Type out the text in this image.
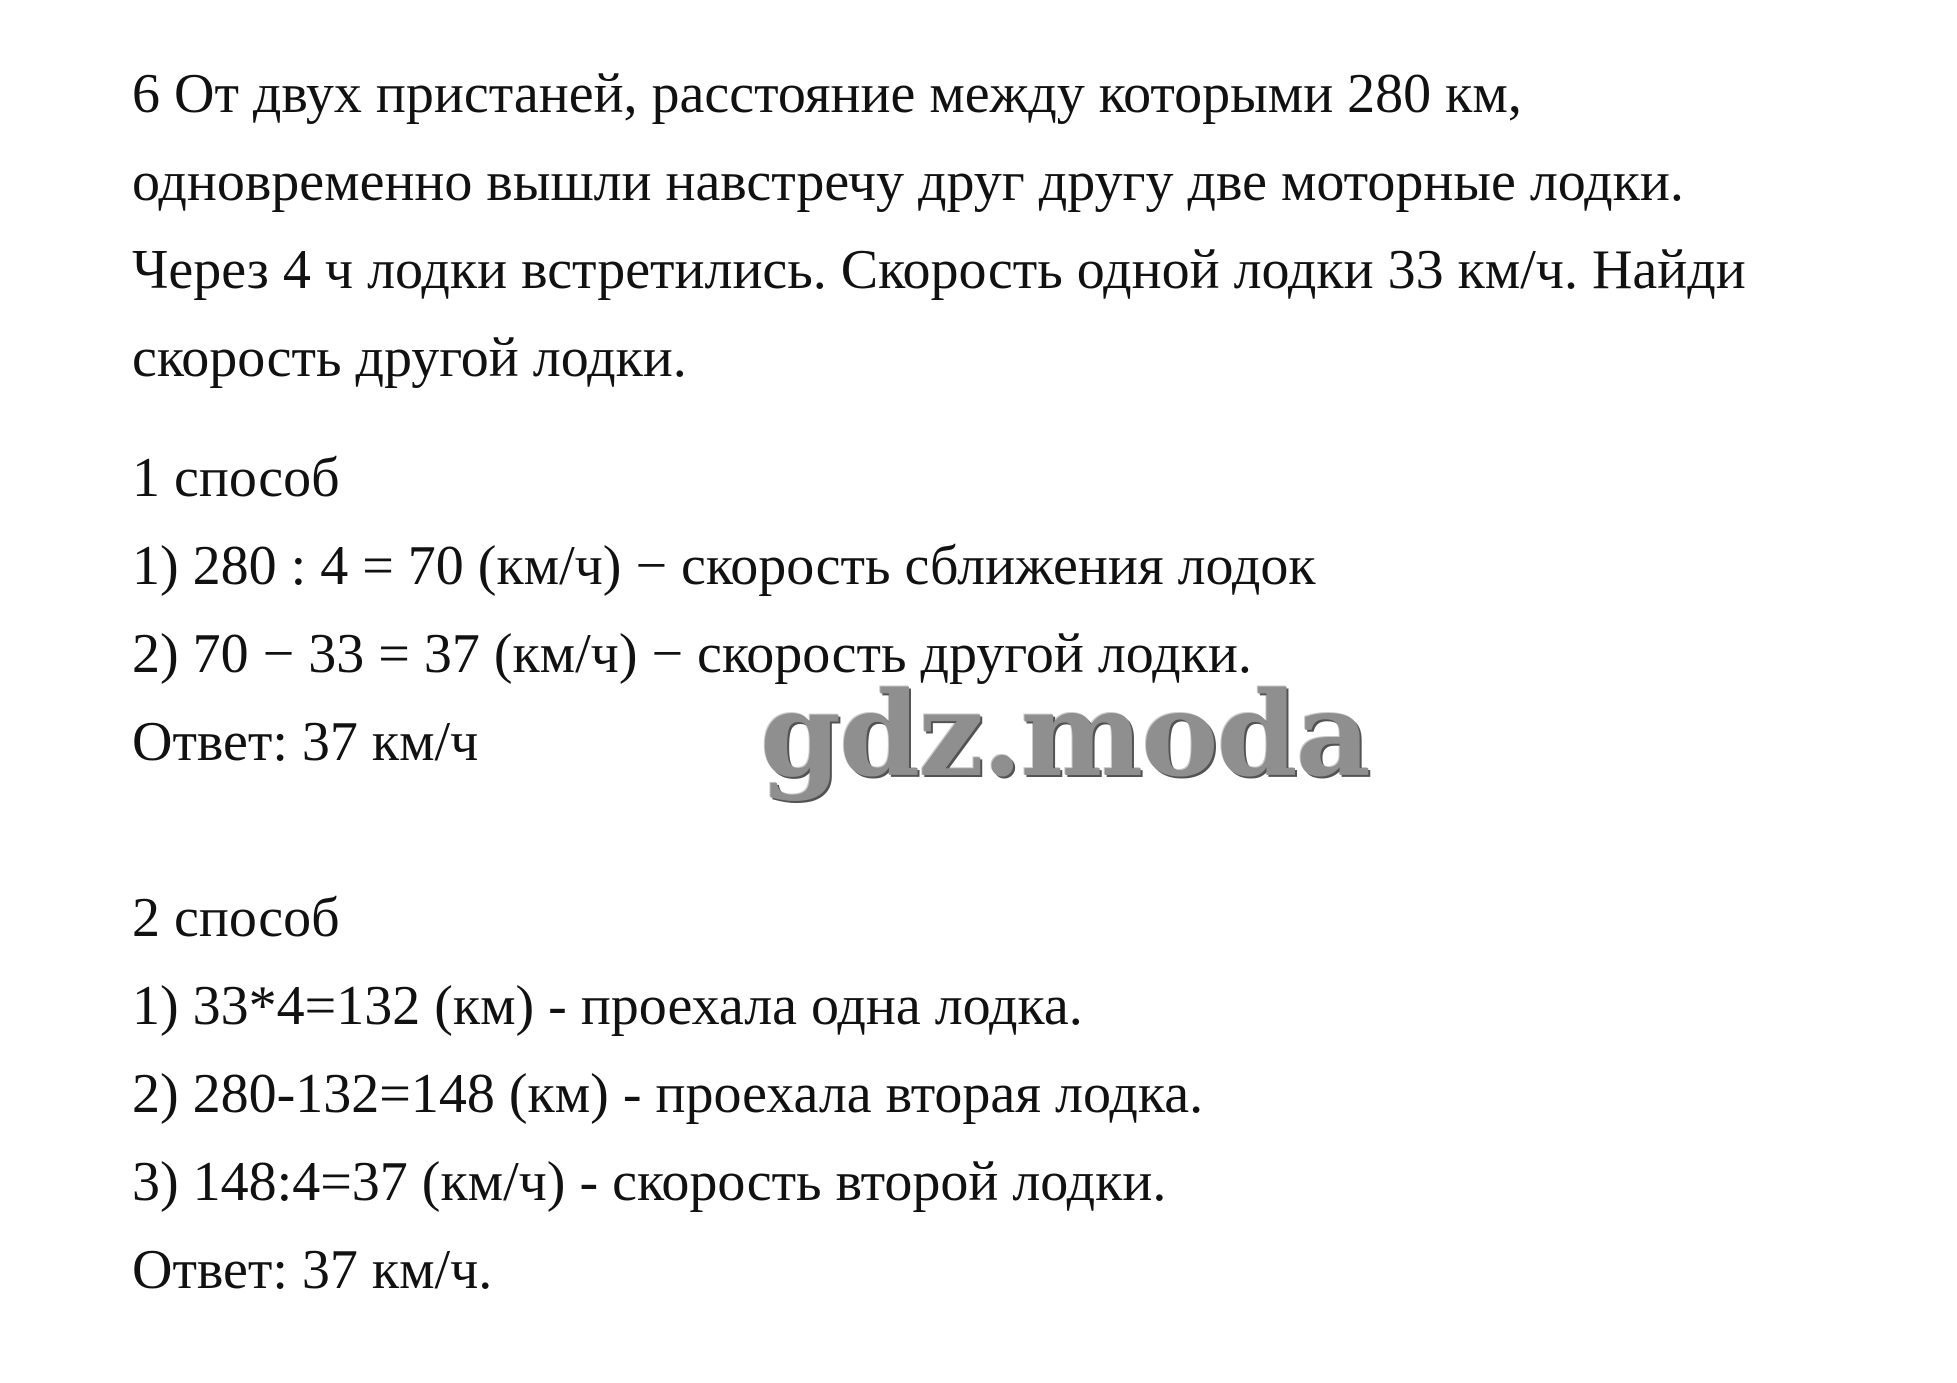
6 От двух пристаней, расстояние между которыми 280 км,
одновременно вышли навстречу друг другу две моторные лодки.
Через 4 ч лодки встретились. Скорость одной лодки 33 км/ч. Найди
скорость другой лодки.
1 способ
1) 280 : 4 = 70 (км/ч) − скорость сближения лодок
2) 70 − 33 = 37 (км/ч) − скорость другой лодки.
Ответ: 37 км/ч gdz.moda
2 способ
1) 33*4=132 (км) - проехала одна лодка.
2) 280-132=148 (км) - проехала вторая лодка.
3) 148:4=37 (км/ч) - скорость второй лодки.
Ответ: 37 км/ч.
